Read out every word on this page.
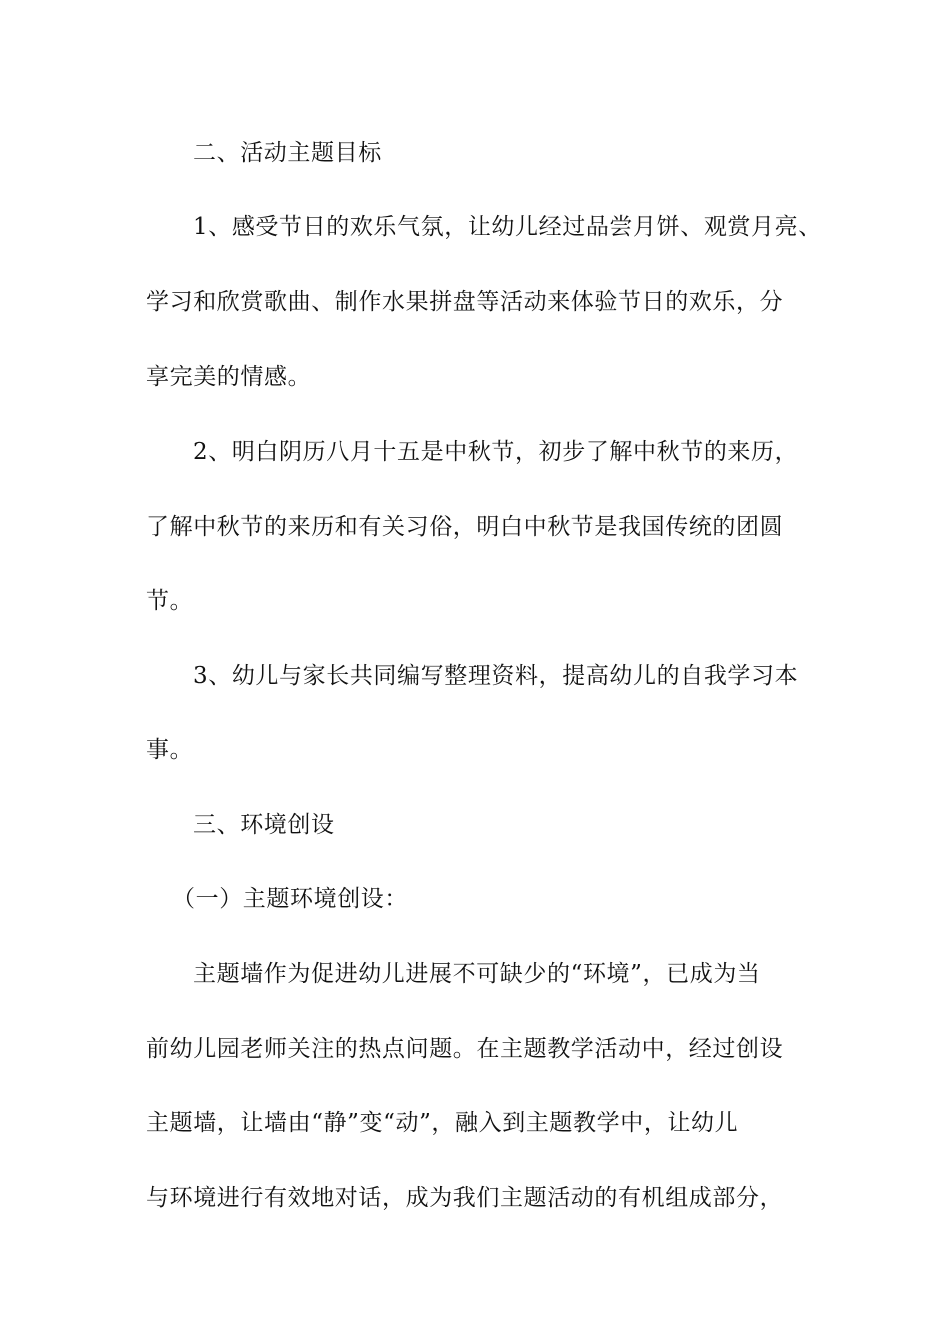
二、活动主题目标
1、感受节日的欢乐气氛，让幼儿经过品尝月饼、观赏月亮、
学习和欣赏歌曲、制作水果拼盘等活动来体验节日的欢乐，分
享完美的情感。
2、明白阴历八月十五是中秋节，初步了解中秋节的来历，
了解中秋节的来历和有关习俗，明白中秋节是我国传统的团圆
节。
3、幼儿与家长共同编写整理资料，提高幼儿的自我学习本
事。
三、环境创设
（一）主题环境创设：
主题墙作为促进幼儿进展不可缺少的“环境”，已成为当
前幼儿园老师关注的热点问题。在主题教学活动中，经过创设
主题墙，让墙由“静”变“动”，融入到主题教学中，让幼儿
与环境进行有效地对话，成为我们主题活动的有机组成部分，
